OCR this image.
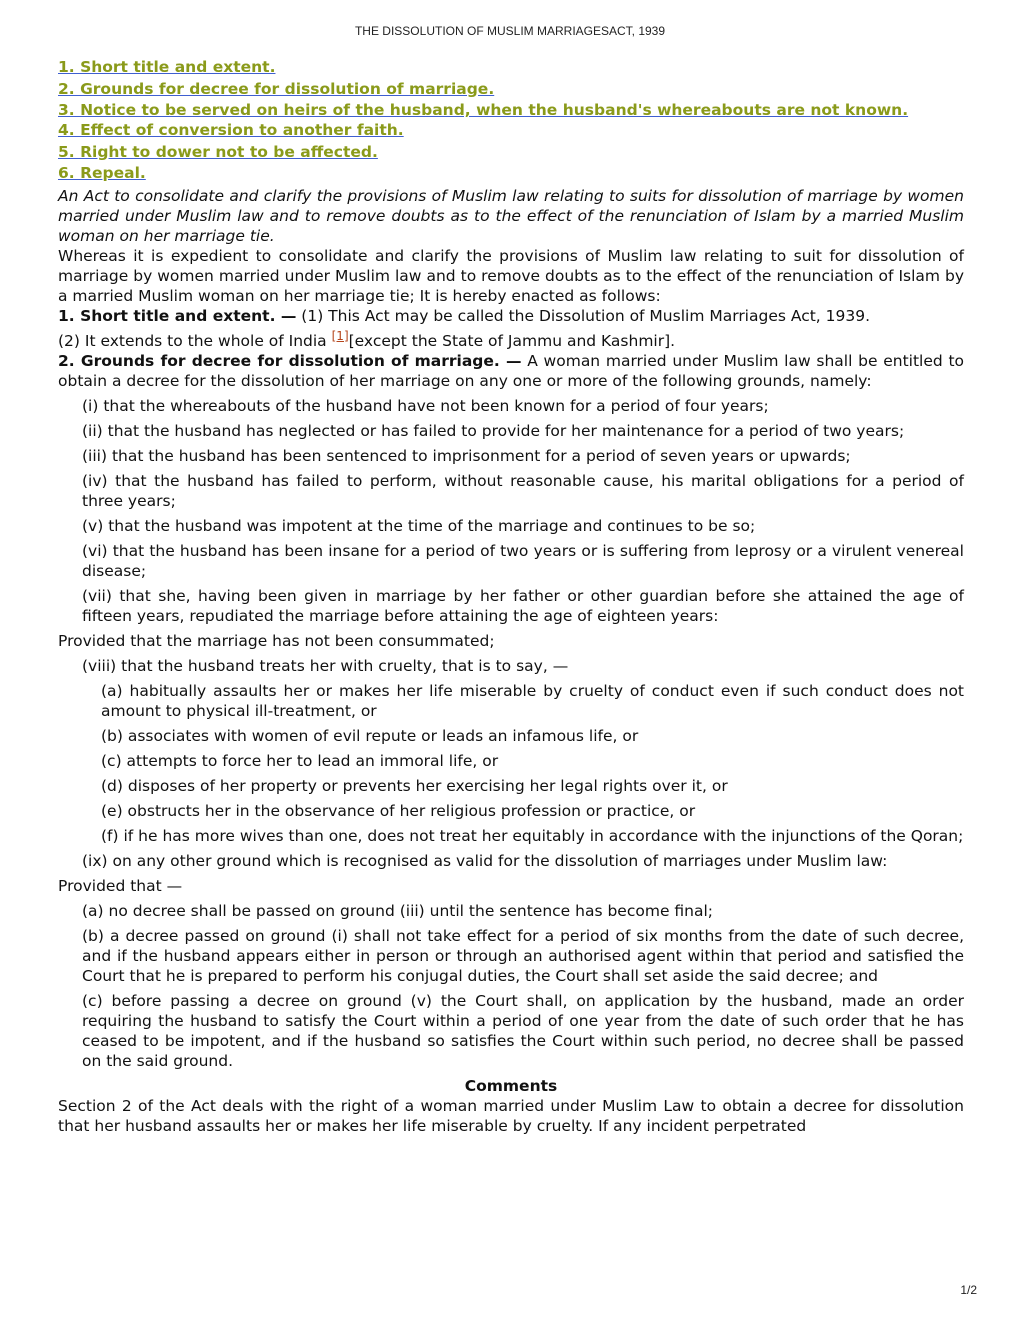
THE DISSOLUTION OF MUSLIM MARRIAGESACT, 1939
1. Short title and extent.
2. Grounds for decree for dissolution of marriage.
3. Notice to be served on heirs of the husband, when the husband's whereabouts are not known.
4. Effect of conversion to another faith.
5. Right to dower not to be affected.
6. Repeal.

An Act to consolidate and clarify the provisions of Muslim law relating to suits for dissolution of marriage by women married under Muslim law and to remove doubts as to the effect of the renunciation of Islam by a married Muslim woman on her marriage tie.

Whereas it is expedient to consolidate and clarify the provisions of Muslim law relating to suit for dissolution of marriage by women married under Muslim law and to remove doubts as to the effect of the renunciation of Islam by a married Muslim woman on her marriage tie; It is hereby enacted as follows:

1. Short title and extent. — (1) This Act may be called the Dissolution of Muslim Marriages Act, 1939.

(2) It extends to the whole of India [1][except the State of Jammu and Kashmir].

2. Grounds for decree for dissolution of marriage. — A woman married under Muslim law shall be entitled to obtain a decree for the dissolution of her marriage on any one or more of the following grounds, namely:

(i) that the whereabouts of the husband have not been known for a period of four years;

(ii) that the husband has neglected or has failed to provide for her maintenance for a period of two years;

(iii) that the husband has been sentenced to imprisonment for a period of seven years or upwards;

(iv) that the husband has failed to perform, without reasonable cause, his marital obligations for a period of three years;

(v) that the husband was impotent at the time of the marriage and continues to be so;

(vi) that the husband has been insane for a period of two years or is suffering from leprosy or a virulent venereal disease;

(vii) that she, having been given in marriage by her father or other guardian before she attained the age of fifteen years, repudiated the marriage before attaining the age of eighteen years:

Provided that the marriage has not been consummated;

(viii) that the husband treats her with cruelty, that is to say, —

(a) habitually assaults her or makes her life miserable by cruelty of conduct even if such conduct does not amount to physical ill-treatment, or

(b) associates with women of evil repute or leads an infamous life, or

(c) attempts to force her to lead an immoral life, or

(d) disposes of her property or prevents her exercising her legal rights over it, or

(e) obstructs her in the observance of her religious profession or practice, or

(f) if he has more wives than one, does not treat her equitably in accordance with the injunctions of the Qoran;

(ix) on any other ground which is recognised as valid for the dissolution of marriages under Muslim law:

Provided that —

(a) no decree shall be passed on ground (iii) until the sentence has become final;

(b) a decree passed on ground (i) shall not take effect for a period of six months from the date of such decree, and if the husband appears either in person or through an authorised agent within that period and satisfied the Court that he is prepared to perform his conjugal duties, the Court shall set aside the said decree; and

(c) before passing a decree on ground (v) the Court shall, on application by the husband, made an order requiring the husband to satisfy the Court within a period of one year from the date of such order that he has ceased to be impotent, and if the husband so satisfies the Court within such period, no decree shall be passed on the said ground.

Comments

Section 2 of the Act deals with the right of a woman married under Muslim Law to obtain a decree for dissolution that her husband assaults her or makes her life miserable by cruelty. If any incident perpetrated

1/2
